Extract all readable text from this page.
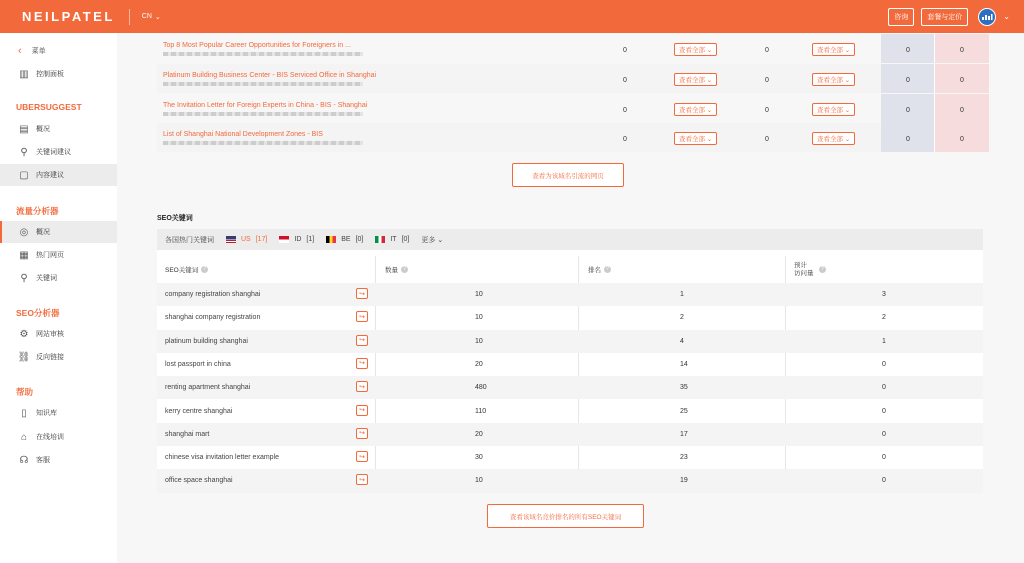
NEILPATEL	CN ⌄	咨询	套餐与定价	⌄
‹ 菜单
▥ 控制面板
UBERSUGGEST
▤ 概况
⚲	关键词建议
▢ 内容建议
流量分析器
◎ 概况
▦ 热门网页
⚲	关键词
SEO分析器
⚙ 网站审核
⛓ 反向链接
帮助
▯	知识库
⌂	在线培训
☊ 客服
Top 8 Most Popular Career Opportunities for Foreigners in ...
0	查看全部 ⌄	0	查看全部 ⌄	0	0
Platinum Building Business Center - BIS Serviced Office in Shanghai
0	查看全部 ⌄	0	查看全部 ⌄	0	0
The Invitation Letter for Foreign Experts in China - BIS - Shanghai
0	查看全部 ⌄	0	查看全部 ⌄	0	0
List of Shanghai National Development Zones - BIS
0	查看全部 ⌄	0	查看全部 ⌄	0	0
查看为该域名引流的网页
SEO关键词
各国热门关键词	US [17]	ID [1]	BE [0]	IT [0] 更多 ⌄
SEO关键词	?	数量	?	排名	?
预计
访问量
?
company registration shanghai	↪	10	1	3
shanghai company registration	↪	10	2	2
platinum building shanghai	↪	10	4	1
lost passport in china	↪	20	14	0
renting apartment shanghai	↪	480	35	0
kerry centre shanghai	↪	110	25	0
shanghai mart	↪	20	17	0
chinese visa invitation letter example	↪	30	23	0
office space shanghai	↪	10	19	0
查看该域名竞价排名的所有SEO关键词
